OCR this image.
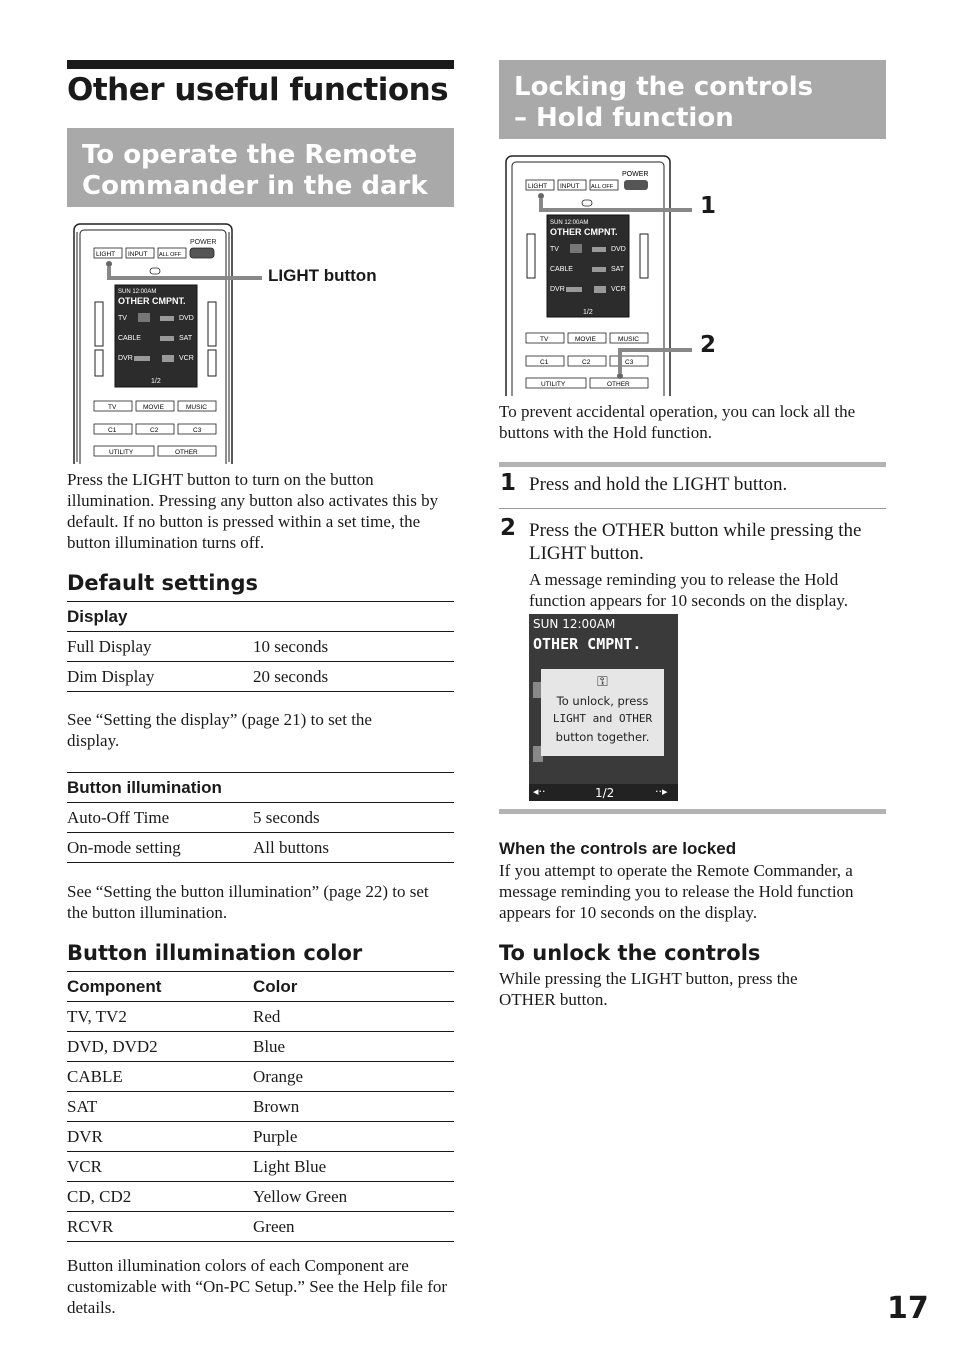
Other useful functions
To operate the Remote
Commander in the dark
POWER
LIGHT INPUT ALL OFF
SUN 12:00AM
OTHER CMPNT.
TV	DVD
CABLE	SAT
DVR	VCR
1/2
TV	MOVIE	MUSIC
C1	C2	C3
UTILITY	OTHER
LIGHT button
Press the LIGHT button to turn on the button illumination. Pressing any button also activates this by default. If no button is pressed within a set time, the button illumination turns off.
Default settings
Display
Full Display	10 seconds
Dim Display	20 seconds
See “Setting the display” (page 21) to set the display.
Button illumination
Auto-Off Time	5 seconds
On-mode setting	All buttons
See “Setting the button illumination” (page 22) to set the button illumination.
Button illumination color
Component	Color
TV, TV2	Red
DVD, DVD2	Blue
CABLE	Orange
SAT	Brown
DVR	Purple
VCR	Light Blue
CD, CD2	Yellow Green
RCVR	Green
Button illumination colors of each Component are customizable with “On-PC Setup.” See the Help file for details.
Locking the controls
– Hold function
POWER
LIGHT INPUT ALL OFF
SUN 12:00AM
OTHER CMPNT.
TV	DVD
CABLE	SAT
DVR	VCR
1/2
TV	MOVIE	MUSIC
C1	C2	C3
UTILITY	OTHER
1
2
To prevent accidental operation, you can lock all the buttons with the Hold function.
1 Press and hold the LIGHT button.
2 Press the OTHER button while pressing the LIGHT button.
A message reminding you to release the Hold function appears for 10 seconds on the display.
SUN 12:00AM
OTHER CMPNT.
⚿
To unlock, press
LIGHT and OTHER
button together.
1/2
◂··	··▸
When the controls are locked
If you attempt to operate the Remote Commander, a message reminding you to release the Hold function appears for 10 seconds on the display.
To unlock the controls
While pressing the LIGHT button, press the OTHER button.
17
